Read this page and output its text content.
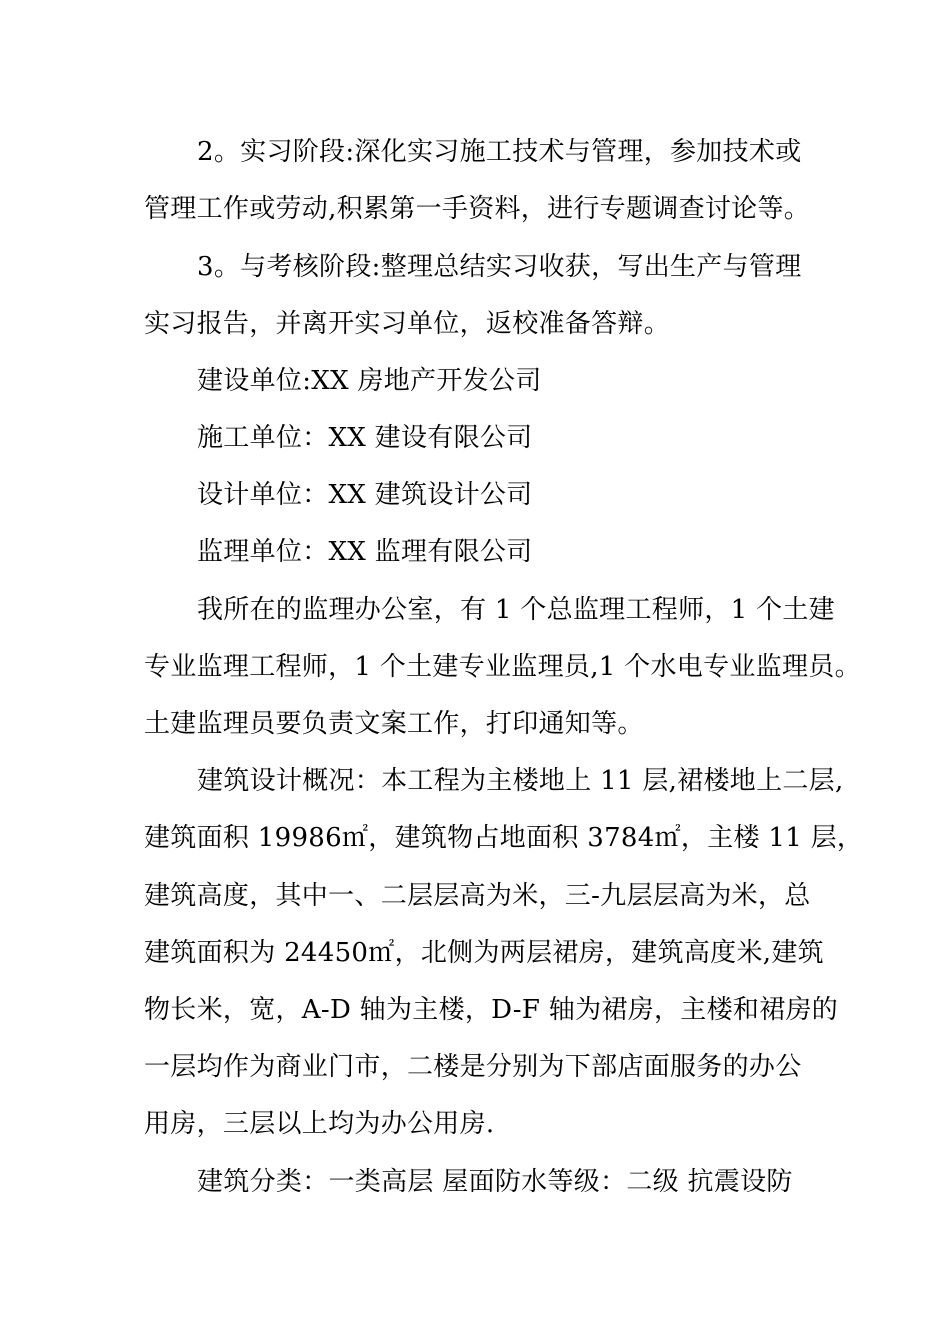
2。实习阶段:深化实习施工技术与管理，参加技术或
管理工作或劳动,积累第一手资料，进行专题调查讨论等。
3。与考核阶段:整理总结实习收获，写出生产与管理
实习报告，并离开实习单位，返校准备答辩。
建设单位:XX 房地产开发公司
施工单位：XX 建设有限公司
设计单位：XX 建筑设计公司
监理单位：XX 监理有限公司
我所在的监理办公室，有 1 个总监理工程师，1 个土建
专业监理工程师，1 个土建专业监理员,1 个水电专业监理员。
土建监理员要负责文案工作，打印通知等。
建筑设计概况：本工程为主楼地上 11 层,裙楼地上二层,
建筑面积 19986㎡，建筑物占地面积 3784㎡，主楼 11 层，
建筑高度，其中一、二层层高为米，三-九层层高为米，总
建筑面积为 24450㎡，北侧为两层裙房，建筑高度米,建筑
物长米，宽，A-D 轴为主楼，D-F 轴为裙房，主楼和裙房的
一层均作为商业门市，二楼是分别为下部店面服务的办公
用房，三层以上均为办公用房.
建筑分类：一类高层 屋面防水等级：二级 抗震设防
